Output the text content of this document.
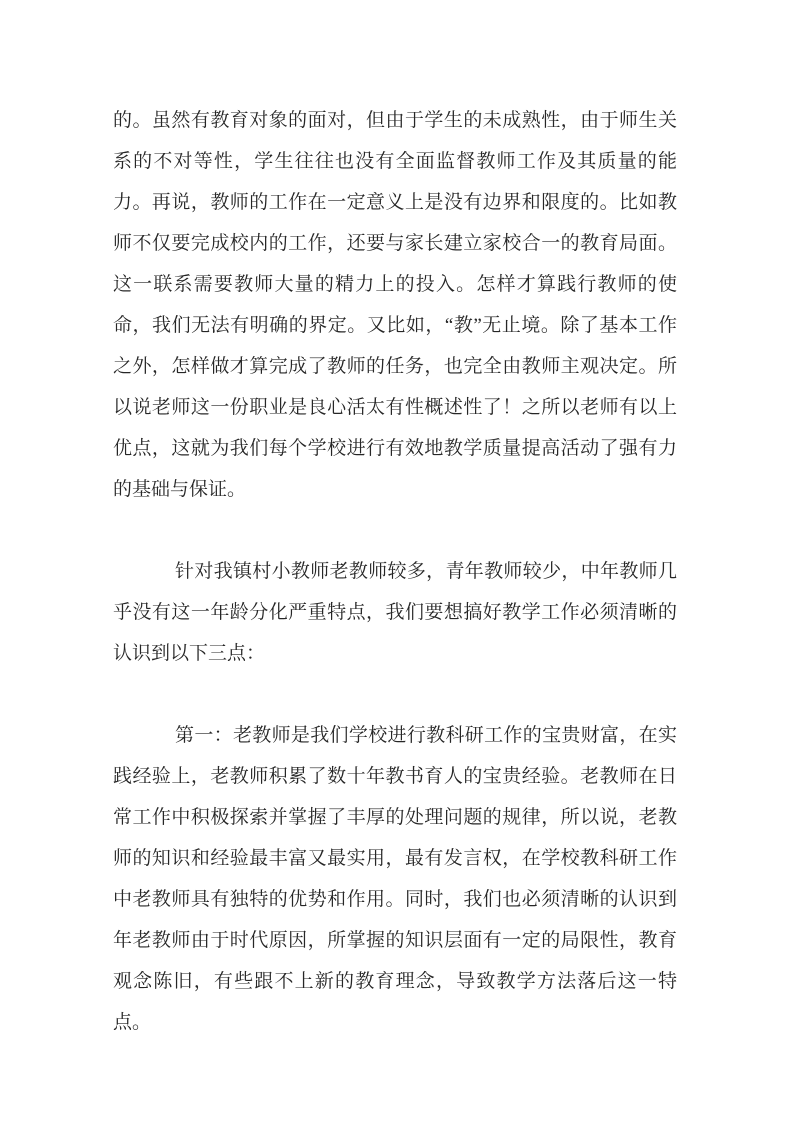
的。虽然有教育对象的面对，但由于学生的未成熟性，由于师生关系的不对等性，学生往往也没有全面监督教师工作及其质量的能力。再说，教师的工作在一定意义上是没有边界和限度的。比如教师不仅要完成校内的工作，还要与家长建立家校合一的教育局面。这一联系需要教师大量的精力上的投入。怎样才算践行教师的使命，我们无法有明确的界定。又比如，“教”无止境。除了基本工作之外，怎样做才算完成了教师的任务，也完全由教师主观决定。所以说老师这一份职业是良心活太有性概述性了！之所以老师有以上优点，这就为我们每个学校进行有效地教学质量提高活动了强有力的基础与保证。

针对我镇村小教师老教师较多，青年教师较少，中年教师几乎没有这一年龄分化严重特点，我们要想搞好教学工作必须清晰的认识到以下三点：

第一：老教师是我们学校进行教科研工作的宝贵财富，在实践经验上，老教师积累了数十年教书育人的宝贵经验。老教师在日常工作中积极探索并掌握了丰厚的处理问题的规律，所以说，老教师的知识和经验最丰富又最实用，最有发言权，在学校教科研工作中老教师具有独特的优势和作用。同时，我们也必须清晰的认识到年老教师由于时代原因，所掌握的知识层面有一定的局限性，教育观念陈旧，有些跟不上新的教育理念，导致教学方法落后这一特点。
